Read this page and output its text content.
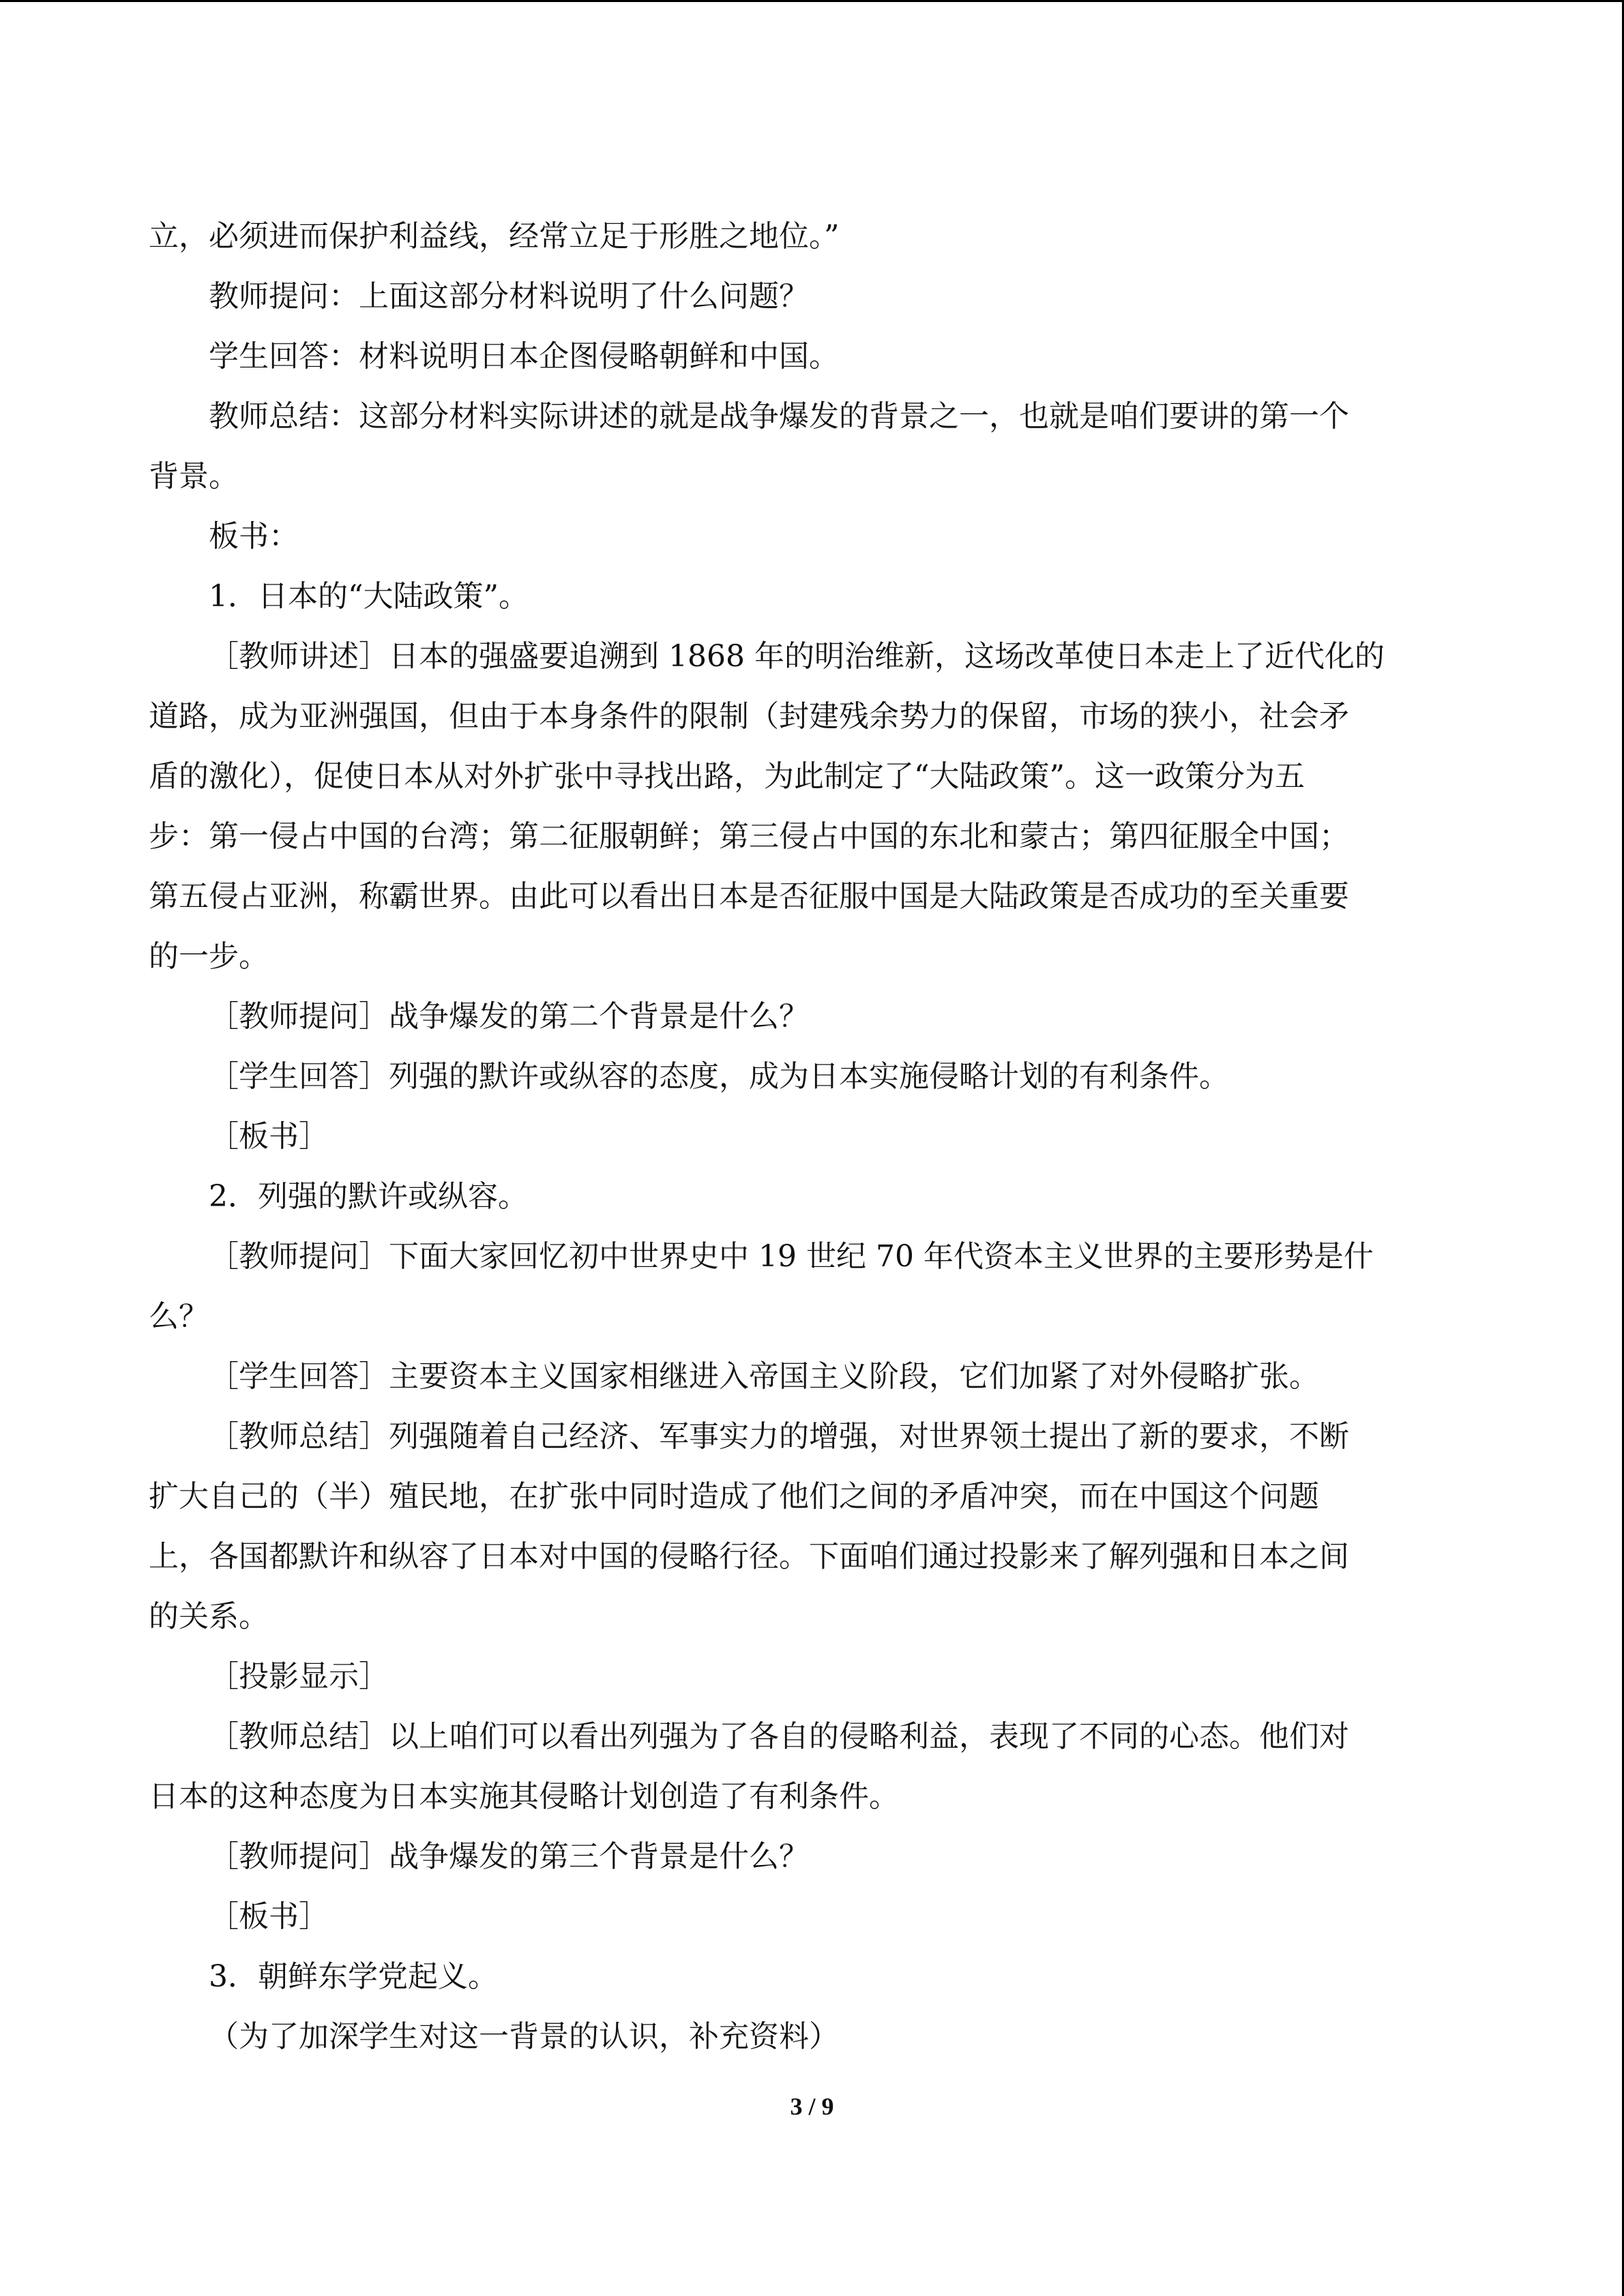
立，必须进而保护利益线，经常立足于形胜之地位。”
教师提问：上面这部分材料说明了什么问题？
学生回答：材料说明日本企图侵略朝鲜和中国。
教师总结：这部分材料实际讲述的就是战争爆发的背景之一，也就是咱们要讲的第一个
背景。
板书：
1．日本的“大陆政策”。
［教师讲述］日本的强盛要追溯到 1868 年的明治维新，这场改革使日本走上了近代化的
道路，成为亚洲强国，但由于本身条件的限制（封建残余势力的保留，市场的狭小，社会矛
盾的激化），促使日本从对外扩张中寻找出路，为此制定了“大陆政策”。这一政策分为五
步：第一侵占中国的台湾；第二征服朝鲜；第三侵占中国的东北和蒙古；第四征服全中国；
第五侵占亚洲，称霸世界。由此可以看出日本是否征服中国是大陆政策是否成功的至关重要
的一步。
［教师提问］战争爆发的第二个背景是什么？
［学生回答］列强的默许或纵容的态度，成为日本实施侵略计划的有利条件。
［板书］
2．列强的默许或纵容。
［教师提问］下面大家回忆初中世界史中 19 世纪 70 年代资本主义世界的主要形势是什
么？
［学生回答］主要资本主义国家相继进入帝国主义阶段，它们加紧了对外侵略扩张。
［教师总结］列强随着自己经济、军事实力的增强，对世界领土提出了新的要求，不断
扩大自己的（半）殖民地，在扩张中同时造成了他们之间的矛盾冲突，而在中国这个问题
上，各国都默许和纵容了日本对中国的侵略行径。下面咱们通过投影来了解列强和日本之间
的关系。
［投影显示］
［教师总结］以上咱们可以看出列强为了各自的侵略利益，表现了不同的心态。他们对
日本的这种态度为日本实施其侵略计划创造了有利条件。
［教师提问］战争爆发的第三个背景是什么？
［板书］
3．朝鲜东学党起义。
（为了加深学生对这一背景的认识，补充资料）
3 / 9
